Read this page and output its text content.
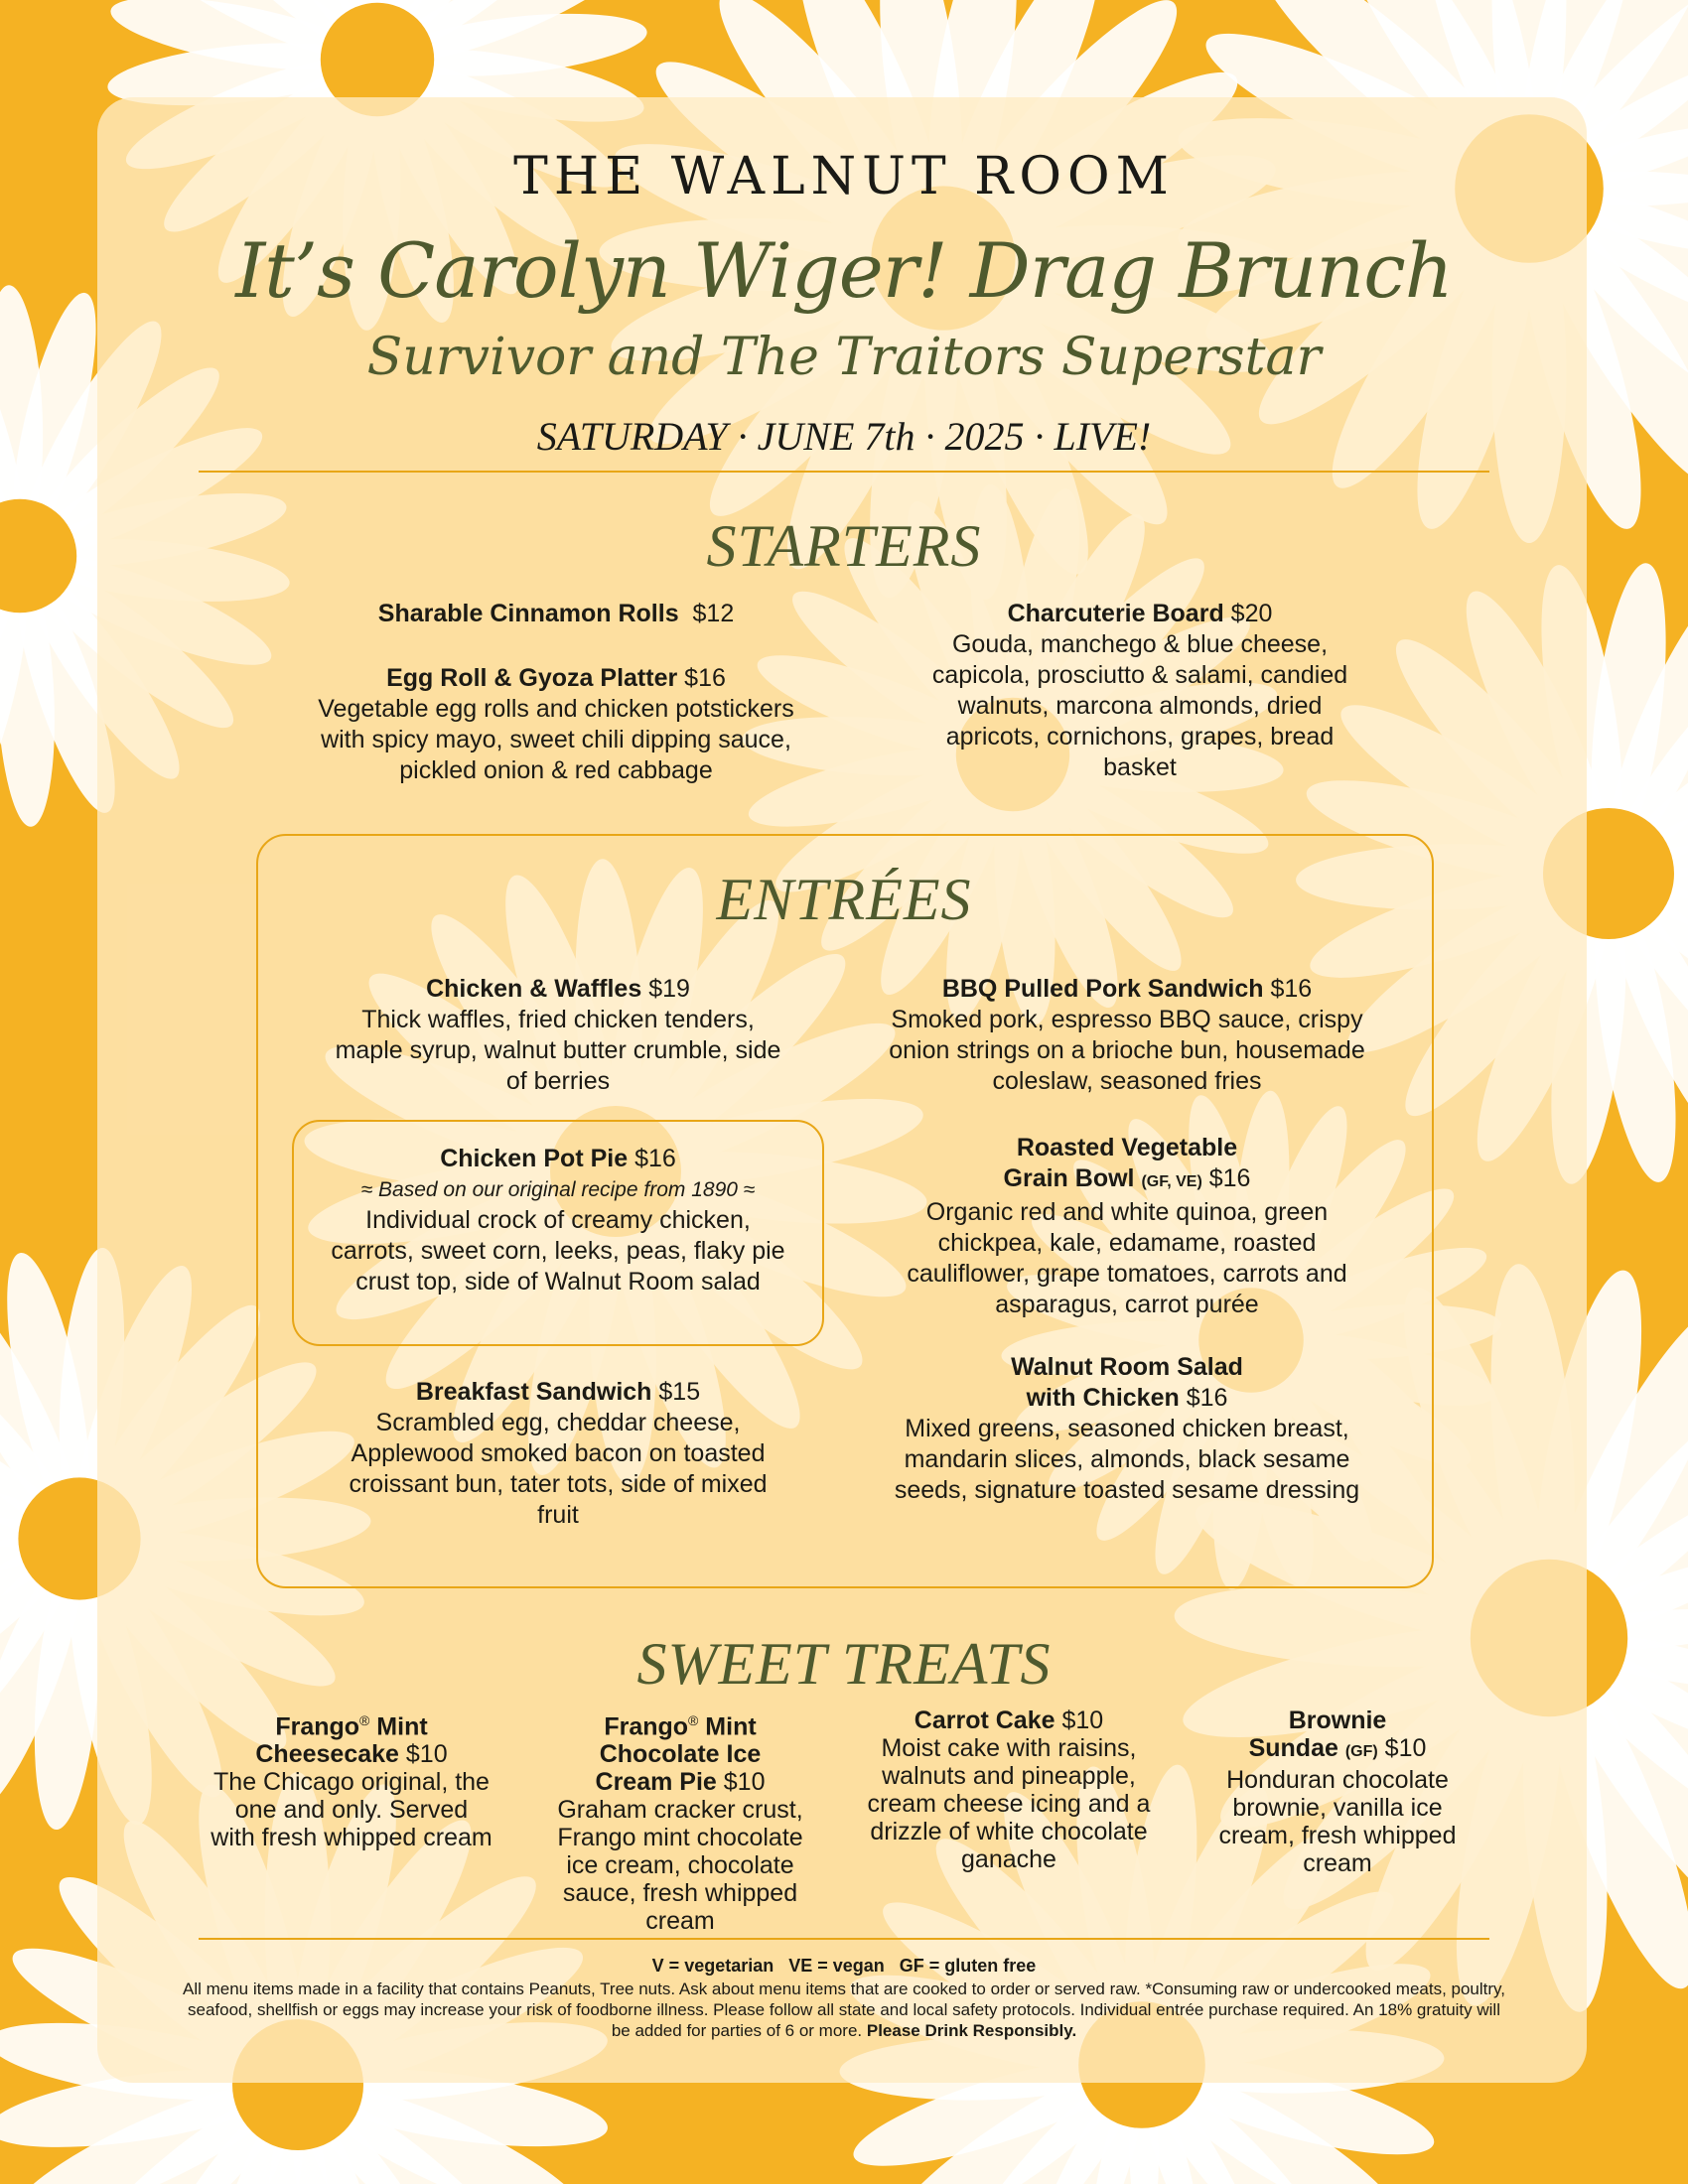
THE WALNUT ROOM
It’s Carolyn Wiger! Drag Brunch
Survivor and The Traitors Superstar
SATURDAY · JUNE 7th · 2025 · LIVE!
STARTERS
Sharable Cinnamon Rolls $12
Egg Roll & Gyoza Platter $16
Vegetable egg rolls and chicken potstickers with spicy mayo, sweet chili dipping sauce, pickled onion & red cabbage
Charcuterie Board $20
Gouda, manchego & blue cheese, capicola, prosciutto & salami, candied walnuts, marcona almonds, dried apricots, cornichons, grapes, bread basket
ENTRÉES
Chicken & Waffles $19
Thick waffles, fried chicken tenders, maple syrup, walnut butter crumble, side of berries
Chicken Pot Pie $16
≈ Based on our original recipe from 1890 ≈
Individual crock of creamy chicken, carrots, sweet corn, leeks, peas, flaky pie crust top, side of Walnut Room salad
Breakfast Sandwich $15
Scrambled egg, cheddar cheese, Applewood smoked bacon on toasted croissant bun, tater tots, side of mixed fruit
BBQ Pulled Pork Sandwich $16
Smoked pork, espresso BBQ sauce, crispy onion strings on a brioche bun, housemade coleslaw, seasoned fries
Roasted Vegetable
Grain Bowl (GF, VE) $16
Organic red and white quinoa, green chickpea, kale, edamame, roasted cauliflower, grape tomatoes, carrots and asparagus, carrot purée
Walnut Room Salad
with Chicken $16
Mixed greens, seasoned chicken breast, mandarin slices, almonds, black sesame seeds, signature toasted sesame dressing
SWEET TREATS
Frango® Mint
Cheesecake $10
The Chicago original, the one and only. Served with fresh whipped cream
Frango® Mint
Chocolate Ice
Cream Pie $10
Graham cracker crust, Frango mint chocolate ice cream, chocolate sauce, fresh whipped cream
Carrot Cake $10
Moist cake with raisins, walnuts and pineapple, cream cheese icing and a drizzle of white chocolate ganache
Brownie
Sundae (GF) $10
Honduran chocolate brownie, vanilla ice cream, fresh whipped cream
V = vegetarian   VE = vegan   GF = gluten free
All menu items made in a facility that contains Peanuts, Tree nuts. Ask about menu items that are cooked to order or served raw. *Consuming raw or undercooked meats, poultry, seafood, shellfish or eggs may increase your risk of foodborne illness. Please follow all state and local safety protocols. Individual entrée purchase required. An 18% gratuity will be added for parties of 6 or more. Please Drink Responsibly.
